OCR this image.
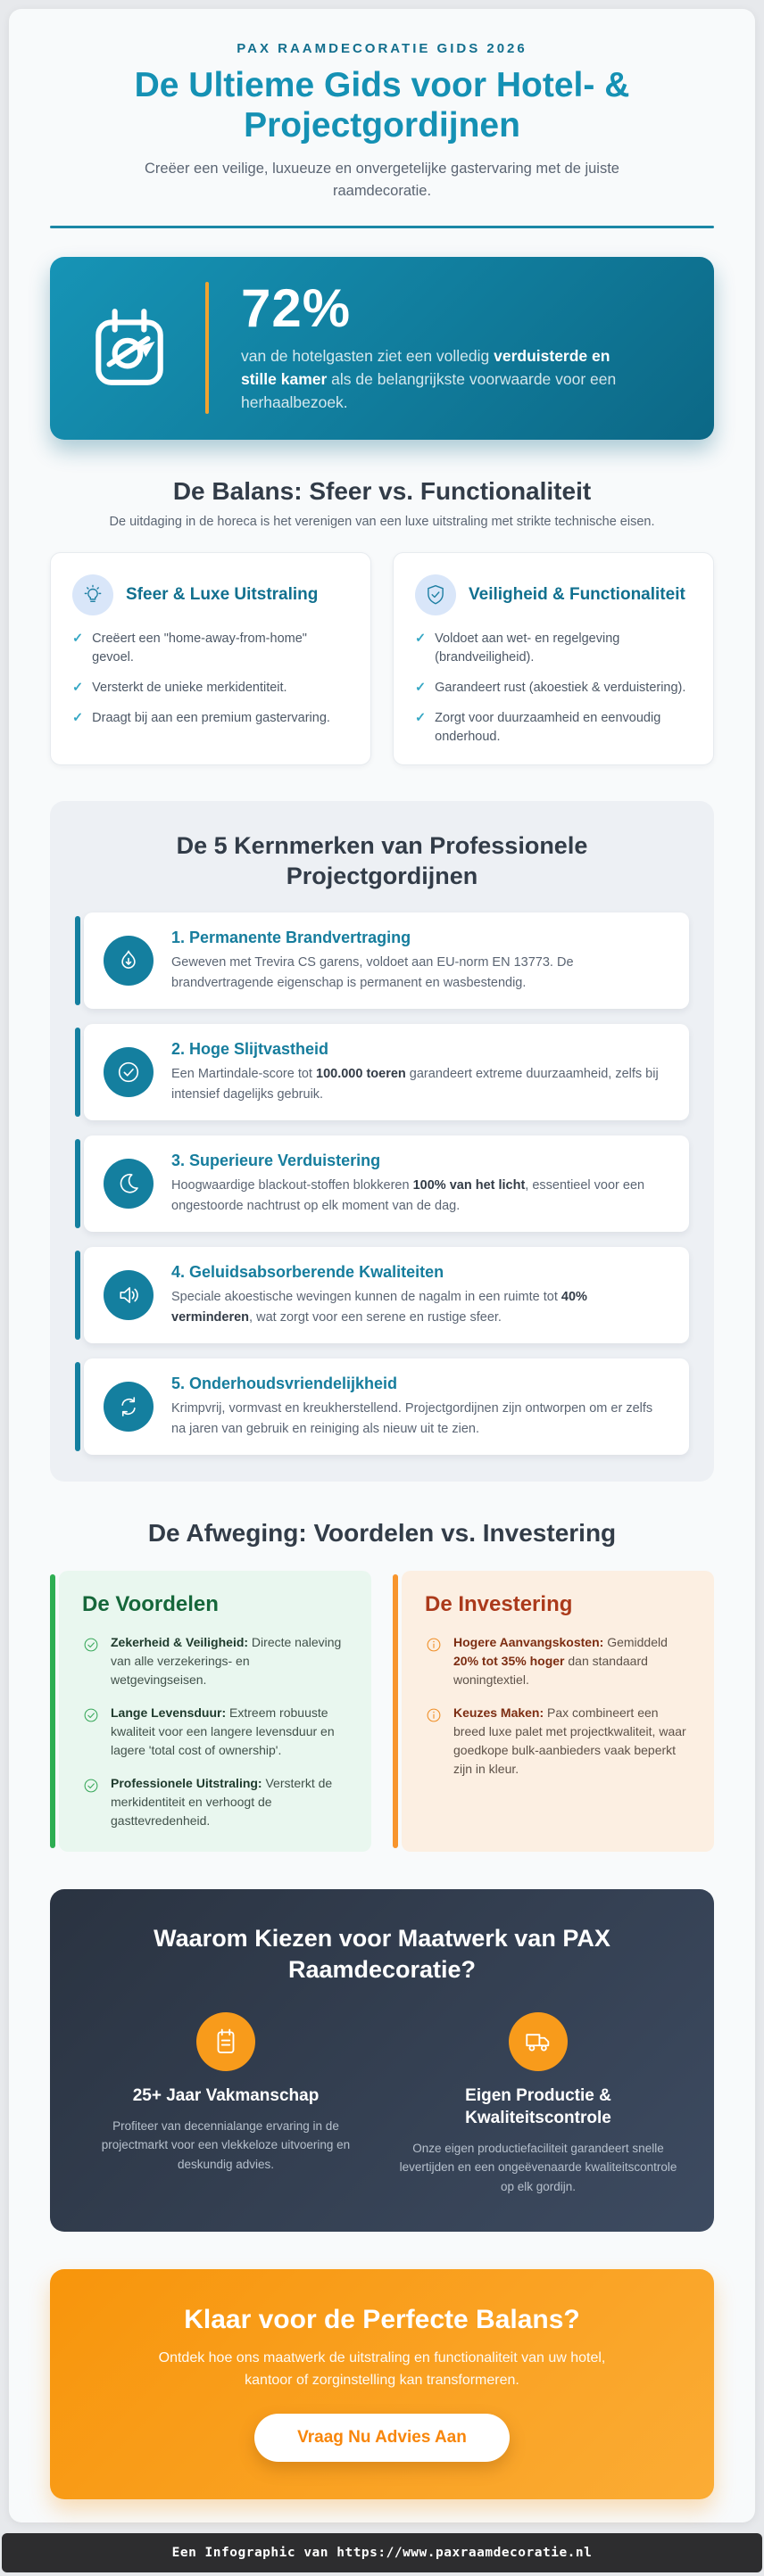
PAX RAAMDECORATIE GIDS 2026
De Ultieme Gids voor Hotel- & Projectgordijnen

Creëer een veilige, luxueuze en onvergetelijke gastervaring met de juiste raamdecoratie.

72%

van de hotelgasten ziet een volledig verduisterde en stille kamer als de belangrijkste voorwaarde voor een herhaalbezoek.

De Balans: Sfeer vs. Functionaliteit

De uitdaging in de horeca is het verenigen van een luxe uitstraling met strikte technische eisen.

Sfeer & Luxe Uitstraling
✓
Creëert een "home-away-from-home" gevoel.
✓
Versterkt de unieke merkidentiteit.
✓
Draagt bij aan een premium gastervaring.
Veiligheid & Functionaliteit
✓
Voldoet aan wet- en regelgeving (brandveiligheid).
✓
Garandeert rust (akoestiek & verduistering).
✓
Zorgt voor duurzaamheid en eenvoudig onderhoud.
De 5 Kernmerken van Professionele Projectgordijnen
1. Permanente Brandvertraging

Geweven met Trevira CS garens, voldoet aan EU-norm EN 13773. De brandvertragende eigenschap is permanent en wasbestendig.

2. Hoge Slijtvastheid

Een Martindale-score tot 100.000 toeren garandeert extreme duurzaamheid, zelfs bij intensief dagelijks gebruik.

3. Superieure Verduistering

Hoogwaardige blackout-stoffen blokkeren 100% van het licht, essentieel voor een ongestoorde nachtrust op elk moment van de dag.

4. Geluidsabsorberende Kwaliteiten

Speciale akoestische wevingen kunnen de nagalm in een ruimte tot 40% verminderen, wat zorgt voor een serene en rustige sfeer.

5. Onderhoudsvriendelijkheid

Krimpvrij, vormvast en kreukherstellend. Projectgordijnen zijn ontworpen om er zelfs na jaren van gebruik en reiniging als nieuw uit te zien.

De Afweging: Voordelen vs. Investering
De Voordelen

Zekerheid & Veiligheid: Directe naleving van alle verzekerings- en wetgevingseisen.

Lange Levensduur: Extreem robuuste kwaliteit voor een langere levensduur en lagere 'total cost of ownership'.

Professionele Uitstraling: Versterkt de merkidentiteit en verhoogt de gasttevredenheid.

De Investering

Hogere Aanvangskosten: Gemiddeld 20% tot 35% hoger dan standaard woningtextiel.

Keuzes Maken: Pax combineert een breed luxe palet met projectkwaliteit, waar goedkope bulk-aanbieders vaak beperkt zijn in kleur.

Waarom Kiezen voor Maatwerk van PAX Raamdecoratie?
25+ Jaar Vakmanschap

Profiteer van decennialange ervaring in de projectmarkt voor een vlekkeloze uitvoering en deskundig advies.

Eigen Productie & Kwaliteitscontrole

Onze eigen productiefaciliteit garandeert snelle levertijden en een ongeëvenaarde kwaliteitscontrole op elk gordijn.

Klaar voor de Perfecte Balans?

Ontdek hoe ons maatwerk de uitstraling en functionaliteit van uw hotel, kantoor of zorginstelling kan transformeren.

Vraag Nu Advies Aan
Een Infographic van https://www.paxraamdecoratie.nl
